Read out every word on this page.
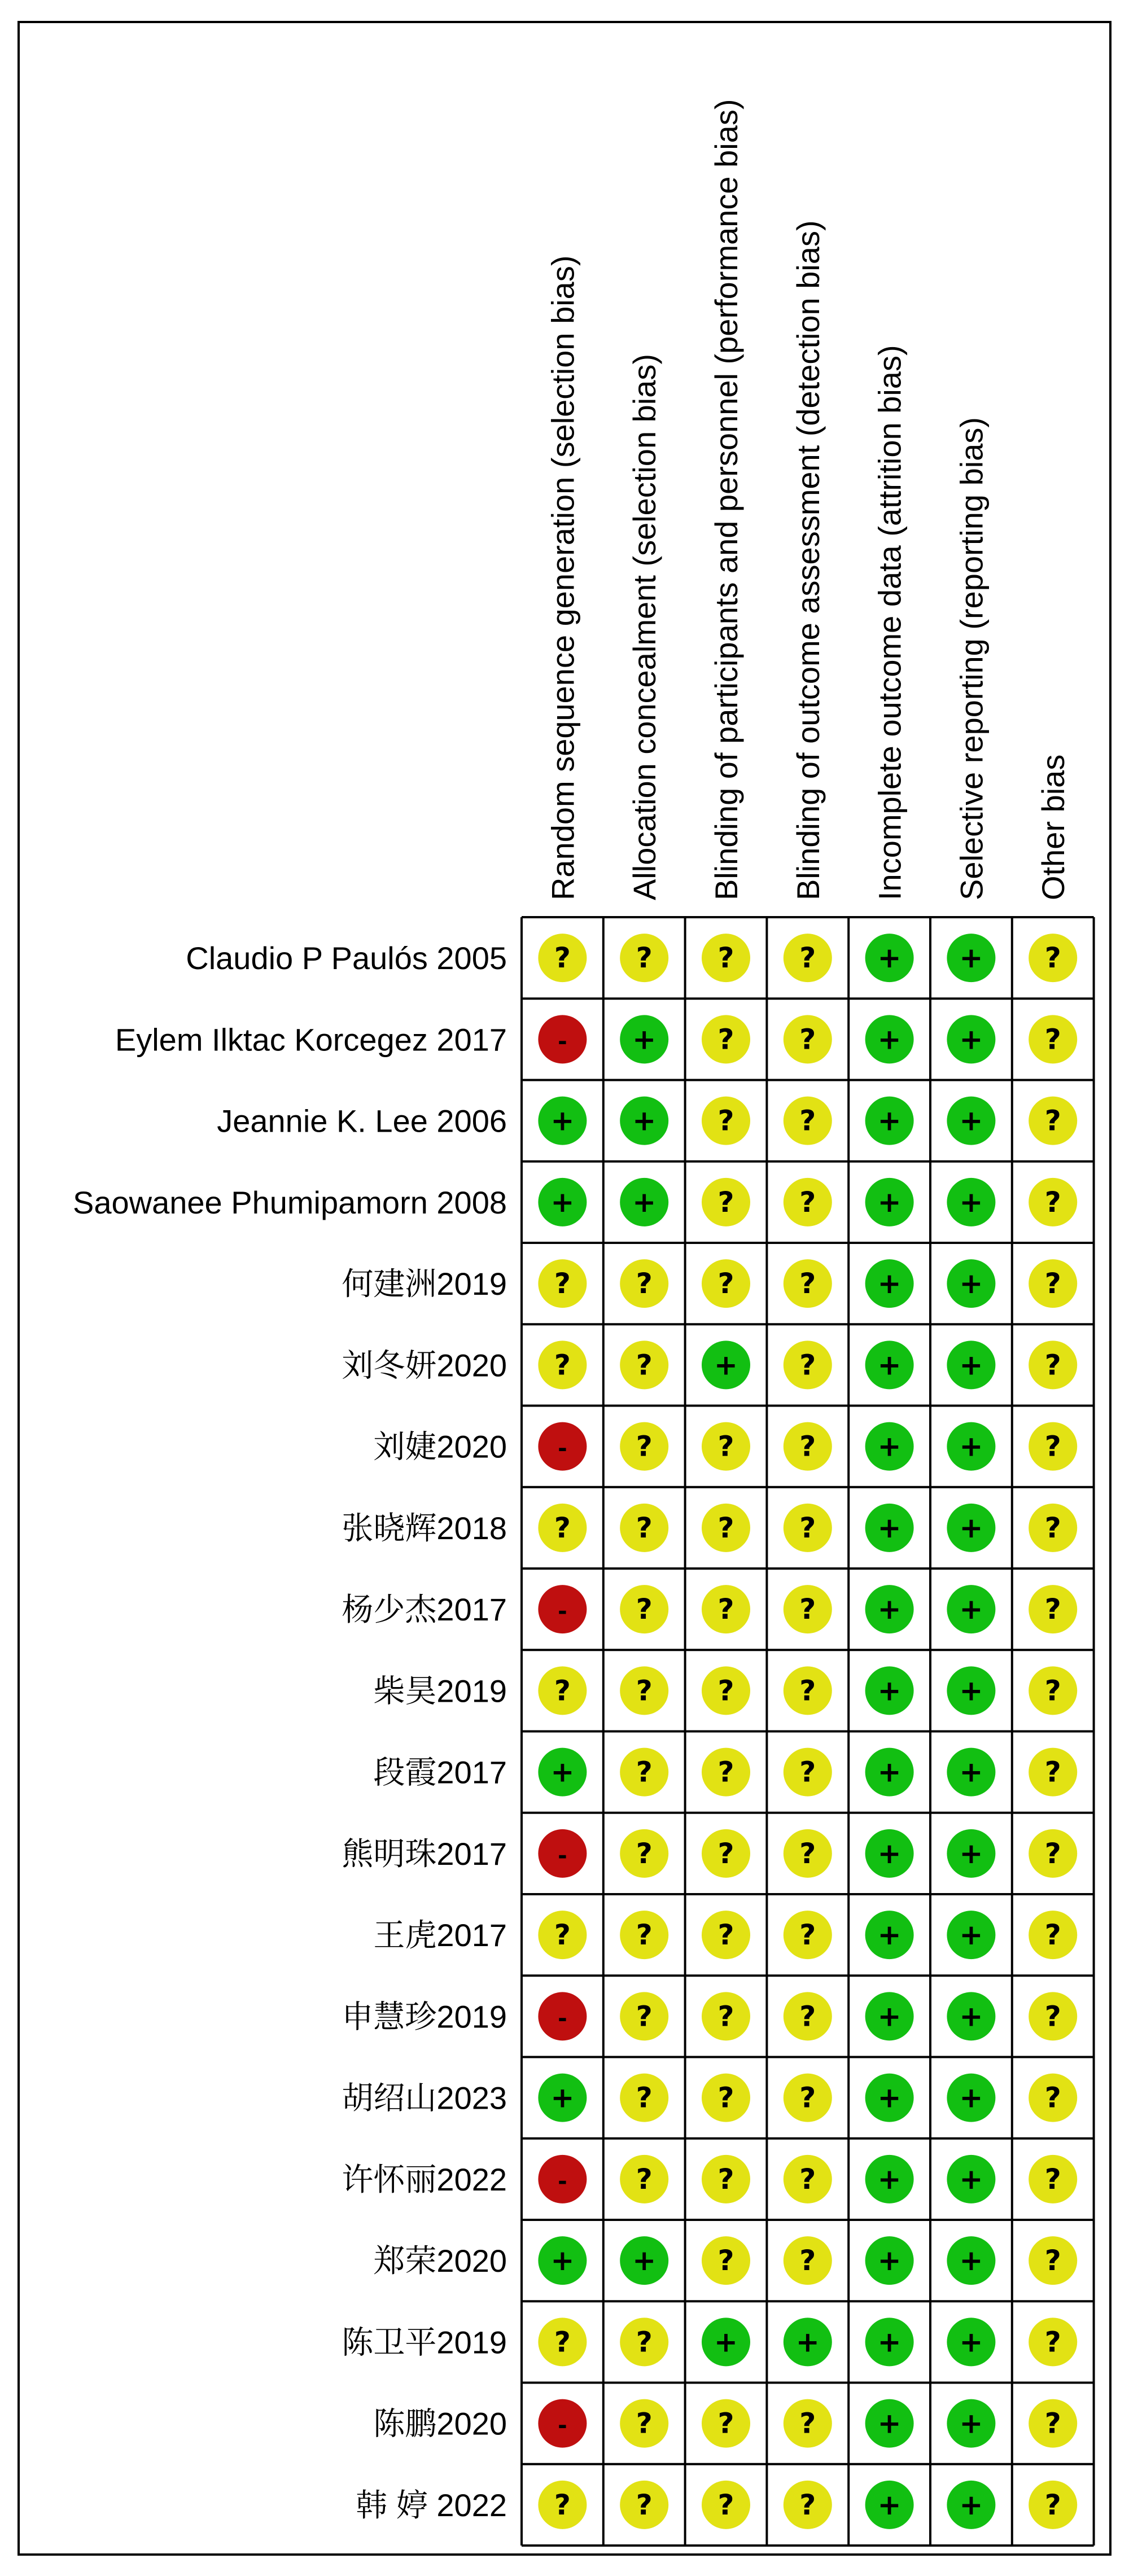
Random sequence generation (selection bias) Allocation concealment (selection bias) Blinding of participants and personnel (performance bias) Blinding of outcome assessment (detection bias) Incomplete outcome data (attrition bias) Selective reporting (reporting bias) Other bias
Claudio P Paulós 2005
Eylem Ilktac Korcegez 2017
Jeannie K. Lee 2006
Saowanee Phumipamorn 2008
何建洲2019
刘冬妍2020
刘婕2020
张晓辉2018
杨少杰2017
柴昊2019
段霞2017
熊明珠2017
王虎2017
申慧珍2019
胡绍山2023
许怀丽2022
郑荣2020
陈卫平2019
陈鹏2020
韩 婷 2022
? ? ? ? + + ?
- + ? ? + + ?
+ + ? ? + + ?
+ + ? ? + + ?
? ? ? ? + + ?
? ? + ? + + ?
- ? ? ? + + ?
? ? ? ? + + ?
- ? ? ? + + ?
? ? ? ? + + ?
+ ? ? ? + + ?
- ? ? ? + + ?
? ? ? ? + + ?
- ? ? ? + + ?
+ ? ? ? + + ?
- ? ? ? + + ?
+ + ? ? + + ?
? ? + + + + ?
- ? ? ? + + ?
? ? ? ? + + ?
